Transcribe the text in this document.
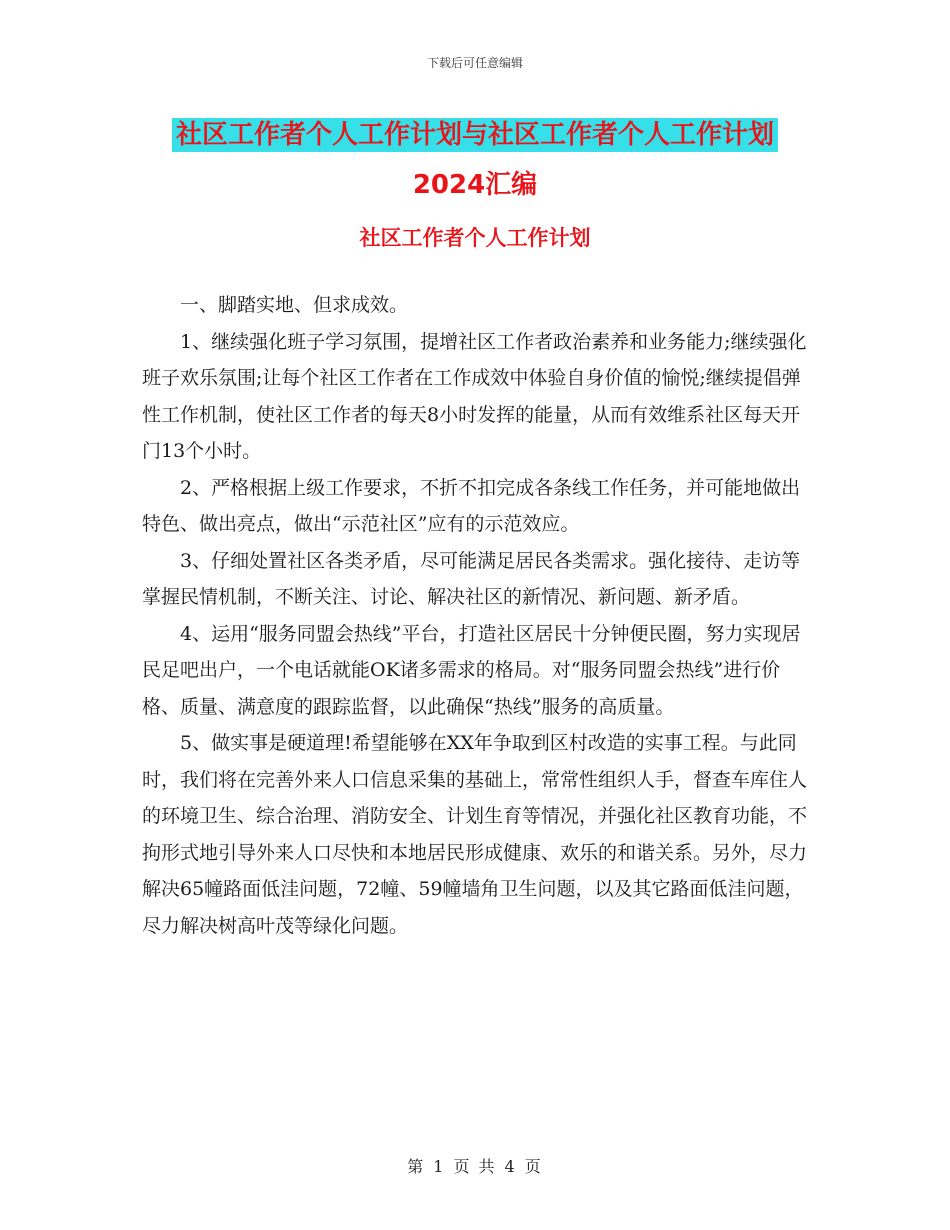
下载后可任意编辑
社区工作者个人工作计划与社区工作者个人工作计划
2024汇编
社区工作者个人工作计划

一、脚踏实地、但求成效。

1、继续强化班子学习氛围，提增社区工作者政治素养和业务能力;继续强化班子欢乐氛围;让每个社区工作者在工作成效中体验自身价值的愉悦;继续提倡弹性工作机制，使社区工作者的每天8小时发挥的能量，从而有效维系社区每天开门13个小时。

2、严格根据上级工作要求，不折不扣完成各条线工作任务，并可能地做出特色、做出亮点，做出“示范社区”应有的示范效应。

3、仔细处置社区各类矛盾，尽可能满足居民各类需求。强化接待、走访等掌握民情机制，不断关注、讨论、解决社区的新情况、新问题、新矛盾。

4、运用“服务同盟会热线”平台，打造社区居民十分钟便民圈，努力实现居民足吧出户，一个电话就能OK诸多需求的格局。对“服务同盟会热线”进行价格、质量、满意度的跟踪监督，以此确保“热线”服务的高质量。

5、做实事是硬道理!希望能够在XX年争取到区村改造的实事工程。与此同时，我们将在完善外来人口信息采集的基础上，常常性组织人手，督查车库住人的环境卫生、综合治理、消防安全、计划生育等情况，并强化社区教育功能，不拘形式地引导外来人口尽快和本地居民形成健康、欢乐的和谐关系。另外，尽力解决65幢路面低洼问题，72幢、59幢墙角卫生问题，以及其它路面低洼问题，尽力解决树高叶茂等绿化问题。

第 1 页 共 4 页
